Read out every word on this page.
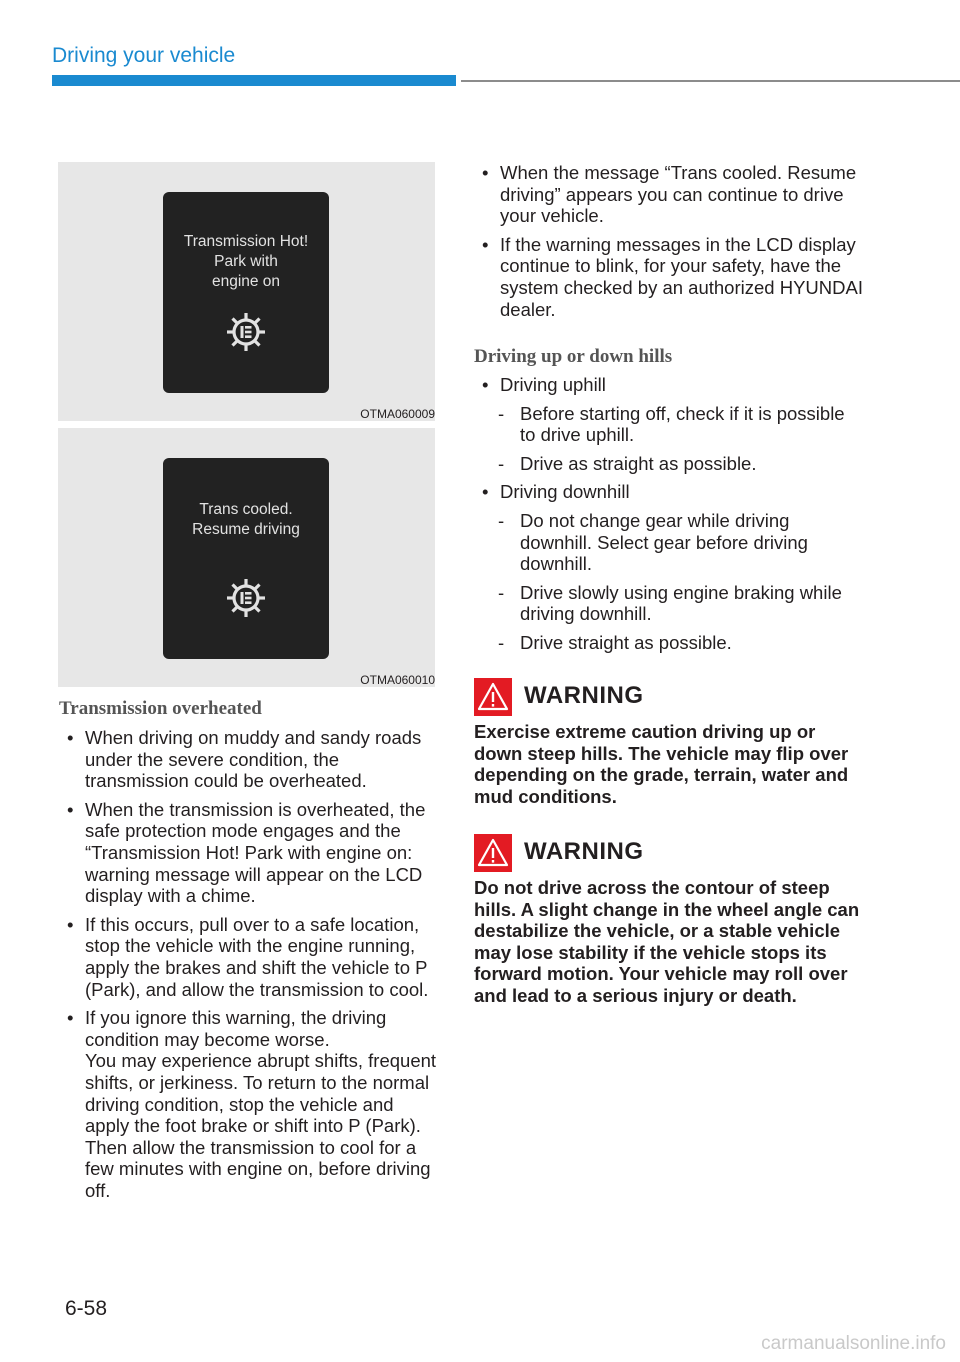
Driving your vehicle
Transmission Hot!
Park with
engine on
OTMA060009
Trans cooled.
Resume driving
OTMA060010
Transmission overheated
• When driving on muddy and sandy roads under the severe condition, the transmission could be overheated.
• When the transmission is overheated, the safe protection mode engages and the “Transmission Hot! Park with engine on: warning message will appear on the LCD display with a chime.
• If this occurs, pull over to a safe location, stop the vehicle with the engine running, apply the brakes and shift the vehicle to P (Park), and allow the transmission to cool.
• If you ignore this warning, the driving condition may become worse.
You may experience abrupt shifts, frequent shifts, or jerkiness. To return to the normal driving condition, stop the vehicle and apply the foot brake or shift into P (Park). Then allow the transmission to cool for a few minutes with engine on, before driving off.
• When the message “Trans cooled. Resume driving” appears you can continue to drive your vehicle.
• If the warning messages in the LCD display continue to blink, for your safety, have the system checked by an authorized HYUNDAI dealer.
Driving up or down hills
• Driving uphill
- Before starting off, check if it is possible to drive uphill.
- Drive as straight as possible.
• Driving downhill
- Do not change gear while driving downhill. Select gear before driving downhill.
- Drive slowly using engine braking while driving downhill.
- Drive straight as possible.
WARNING
Exercise extreme caution driving up or down steep hills. The vehicle may flip over depending on the grade, terrain, water and mud conditions.
WARNING
Do not drive across the contour of steep hills. A slight change in the wheel angle can destabilize the vehicle, or a stable vehicle may lose stability if the vehicle stops its forward motion. Your vehicle may roll over and lead to a serious injury or death.
6-58
carmanualsonline.info
